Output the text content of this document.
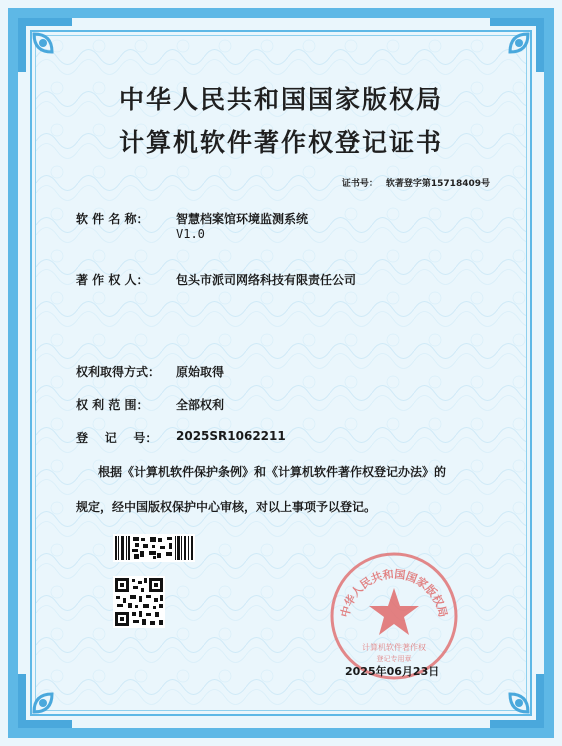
中华人民共和国国家版权局
计算机软件著作权登记证书
证书号： 软著登字第15718409号
软 件 名 称： 智慧档案馆环境监测系统
V1.0
著 作 权 人： 包头市派司网络科技有限责任公司
权利取得方式： 原始取得
权 利 范 围： 全部权利
登    记    号： 2025SR1062211
根据《计算机软件保护条例》和《计算机软件著作权登记办法》的
规定，经中国版权保护中心审核，对以上事项予以登记。
中华人民共和国国家版权局
计算机软件著作权
登记专用章
2025年06月23日
